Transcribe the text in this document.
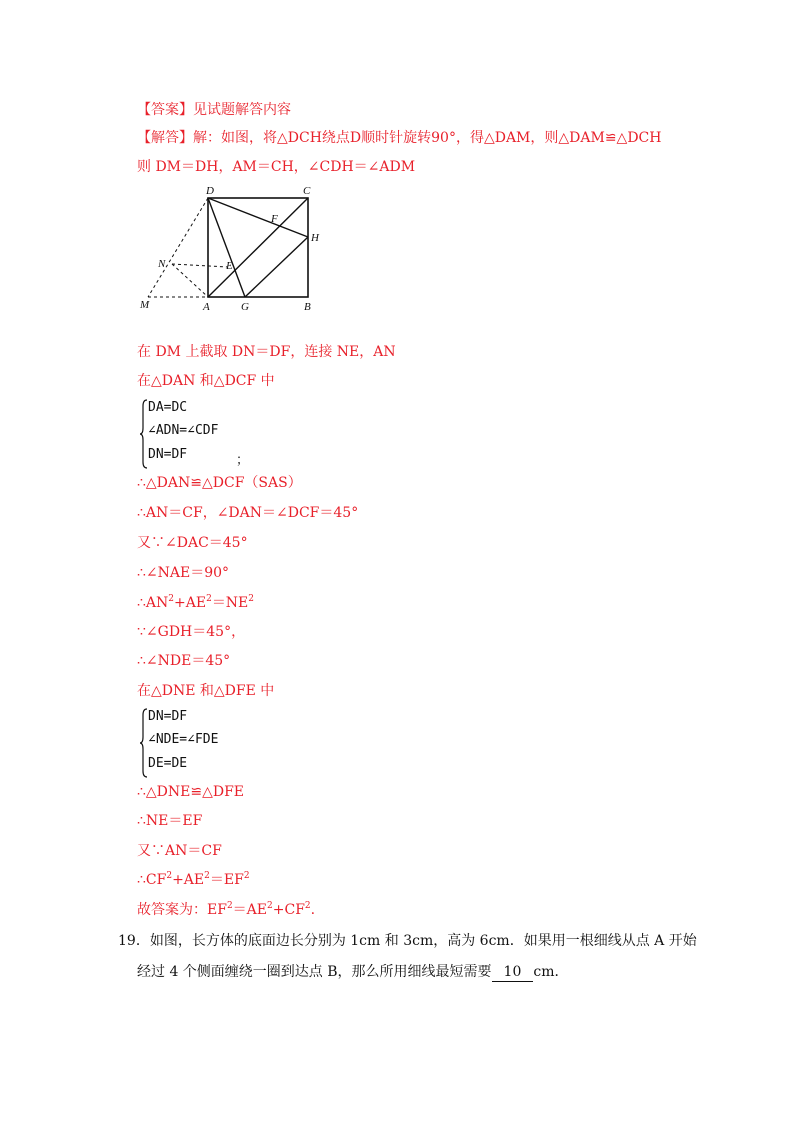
【答案】见试题解答内容
【解答】解：如图，将△DCH绕点D顺时针旋转90°，得△DAM，则△DAM≌△DCH
则 DM＝DH，AM＝CH，∠CDH＝∠ADM
D	C
F
H
N	E
M	A	G	B
在 DM 上截取 DN＝DF，连接 NE，AN
在△DAN 和△DCF 中
DA=DC
∠ADN=∠CDF
DN=DF	；
∴△DAN≌△DCF（SAS）
∴AN＝CF，∠DAN＝∠DCF＝45°
又∵∠DAC＝45°
∴∠NAE＝90°
$\therefore AN^2+AE^2=NE^2$
∵∠GDH＝45°，
∴∠NDE＝45°
在△DNE 和△DFE 中
DN=DF
∠NDE=∠FDE
DE=DE
∴△DNE≌△DFE
∴NE＝EF
又∵AN＝CF
$\therefore CF^2+AE^2=EF^2$
故答案为：$EF^2=AE^2+CF^2$.
19．如图，长方体的底面边长分别为 1cm 和 3cm，高为 6cm．如果用一根细线从点 A 开始
经过 4 个侧面缠绕一圈到达点 B，那么所用细线最短需要 10 cm．
